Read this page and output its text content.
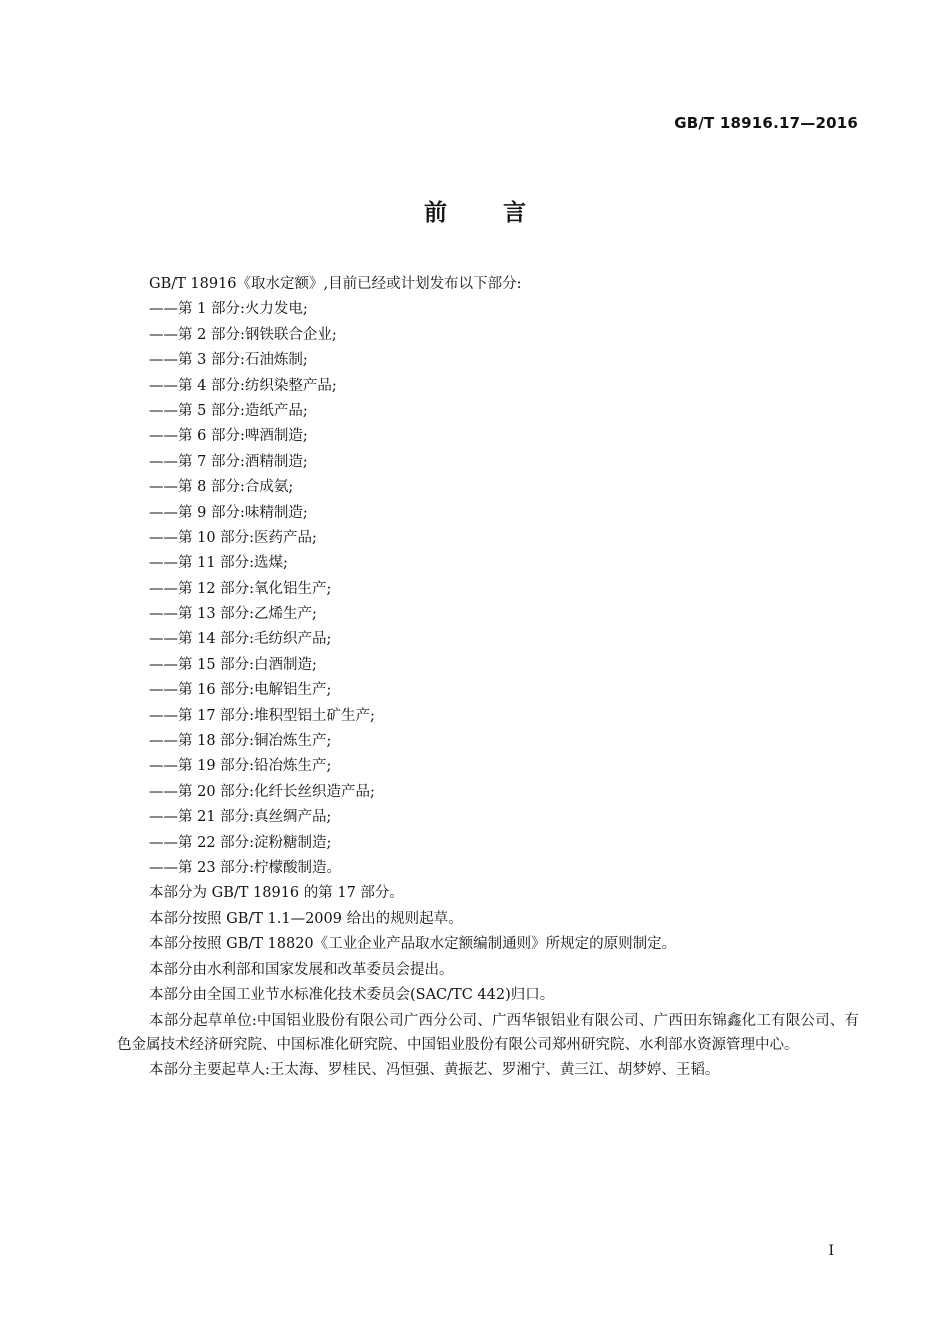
GB/T 18916.17—2016
前言
GB/T 18916《取水定额》,目前已经或计划发布以下部分:
——第 1 部分:火力发电;
——第 2 部分:钢铁联合企业;
——第 3 部分:石油炼制;
——第 4 部分:纺织染整产品;
——第 5 部分:造纸产品;
——第 6 部分:啤酒制造;
——第 7 部分:酒精制造;
——第 8 部分:合成氨;
——第 9 部分:味精制造;
——第 10 部分:医药产品;
——第 11 部分:选煤;
——第 12 部分:氧化铝生产;
——第 13 部分:乙烯生产;
——第 14 部分:毛纺织产品;
——第 15 部分:白酒制造;
——第 16 部分:电解铝生产;
——第 17 部分:堆积型铝土矿生产;
——第 18 部分:铜冶炼生产;
——第 19 部分:铅冶炼生产;
——第 20 部分:化纤长丝织造产品;
——第 21 部分:真丝绸产品;
——第 22 部分:淀粉糖制造;
——第 23 部分:柠檬酸制造。
本部分为 GB/T 18916 的第 17 部分。
本部分按照 GB/T 1.1—2009 给出的规则起草。
本部分按照 GB/T 18820《工业企业产品取水定额编制通则》所规定的原则制定。
本部分由水利部和国家发展和改革委员会提出。
本部分由全国工业节水标准化技术委员会(SAC/TC 442)归口。
本部分起草单位:中国铝业股份有限公司广西分公司、广西华银铝业有限公司、广西田东锦鑫化工有限公司、有色金属技术经济研究院、中国标准化研究院、中国铝业股份有限公司郑州研究院、水利部水资源管理中心。
本部分主要起草人:王太海、罗桂民、冯恒强、黄振艺、罗湘宁、黄三江、胡梦婷、王韬。
I
